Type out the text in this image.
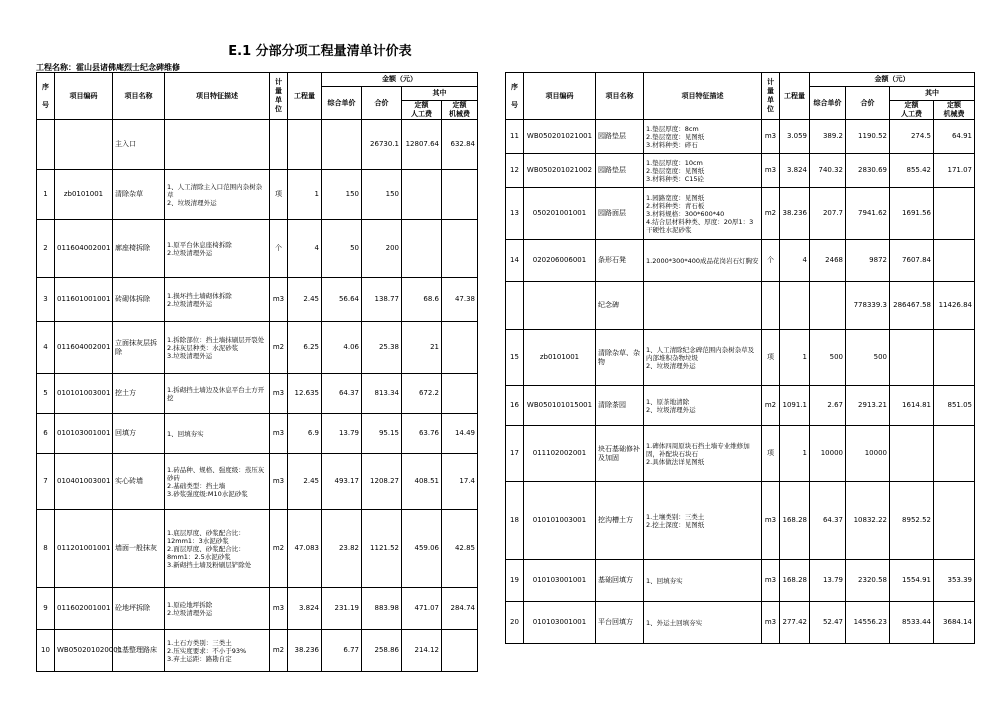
E.1 分部分项工程量清单计价表
工程名称：霍山县诸佛庵烈士纪念碑维修
序

号	项目编码	项目名称	项目特征描述	计
量
单
位	工程量	金额（元）			
						综合单价	合价	其中	
								定额
人工费	定额
机械费
		主入口					26730.1	12807.64	632.84
1	zb0101001	清除杂草	1、人工清除主入口范围内杂树杂草
2、垃圾清理外运	项	1	150	150		
2	011604002001	廓座椅拆除	1.原平台休息座椅拆除
2.垃圾清理外运	个	4	50	200		
3	011601001001	砖砌体拆除	1.损坏挡土墙砌体拆除
2.垃圾清理外运	m3	2.45	56.64	138.77	68.6	47.38
4	011604002001	立面抹灰层拆除	1.拆除部位：挡土墙抹刷层开裂处
2.抹灰层种类：水泥砂浆
3.垃圾清理外运	m2	6.25	4.06	25.38	21	
5	010101003001	挖土方	1.拆砌挡土墙边及休息平台土方开挖	m3	12.635	64.37	813.34	672.2	
6	010103001001	回填方	1、回填夯实	m3	6.9	13.79	95.15	63.76	14.49
7	010401003001	实心砖墙	1.砖品种、规格、强度级：蒸压灰砂砖
2.基础类型：挡土墙
3.砂浆强度级:M10水泥砂浆	m3	2.45	493.17	1208.27	408.51	17.4
8	011201001001	墙面一般抹灰	1.底层厚度、砂浆配合比：12mm1：3水泥砂浆
2.面层厚度、砂浆配合比：8mm1：2.5水泥砂浆
3.新砌挡土墙及粉刷层铲除处	m2	47.083	23.82	1121.52	459.06	42.85
9	011602001001	砼地坪拆除	1.原砼地坪拆除
2.垃圾清理外运	m3	3.824	231.19	883.98	471.07	284.74
10	WB050201020001	土基整理路床	1.土石方类别：三类土
2.压实度要求：不小于93%
3.弃土运距：路勘自定	m2	38.236	6.77	258.86	214.12	
序

号	项目编码	项目名称	项目特征描述	计
量
单
位	工程量	金额（元）			
						综合单价	合价	其中	
								定额
人工费	定额
机械费
11	WB050201021001	园路垫层	1.垫层厚度：8cm
2.垫层宽度：见图纸
3.材料种类：碎石	m3	3.059	389.2	1190.52	274.5	64.91
12	WB050201021002	园路垫层	1.垫层厚度：10cm
2.垫层宽度：见图纸
3.材料种类：C15砼	m3	3.824	740.32	2830.69	855.42	171.07
13	050201001001	园路面层	1.园路宽度：见图纸
2.材料种类：青石板
3.材料规格：300*600*40
4.结合层材料种类、厚度：20厚1：3干硬性水泥砂浆	m2	38.236	207.7	7941.62	1691.56	
14	020206006001	条形石凳	1.2000*300*400成品花岗岩石灯胸安	个	4	2468	9872	7607.84	
		纪念碑					778339.3	286467.58	11426.84
15	zb0101001	清除杂草、杂物	1、人工清除纪念碑范围内杂树杂草及内部堆积杂物垃圾
2、垃圾清理外运	项	1	500	500		
16	WB050101015001	清除茶园	1、原茶地清除
2、垃圾清理外运	m2	1091.1	2.67	2913.21	1614.81	851.05
17	011102002001	块石基础修补及加固	1.碑体四周原块石挡土墙专业维修加固，补配块石块石
2.具体做法详见图纸	项	1	10000	10000		
18	010101003001	挖沟槽土方	1.土壤类别：三类土
2.挖土深度：见图纸	m3	168.28	64.37	10832.22	8952.52	
19	010103001001	基础回填方	1、回填夯实	m3	168.28	13.79	2320.58	1554.91	353.39
20	010103001001	平台回填方	1、外运土回填夯实	m3	277.42	52.47	14556.23	8533.44	3684.14
